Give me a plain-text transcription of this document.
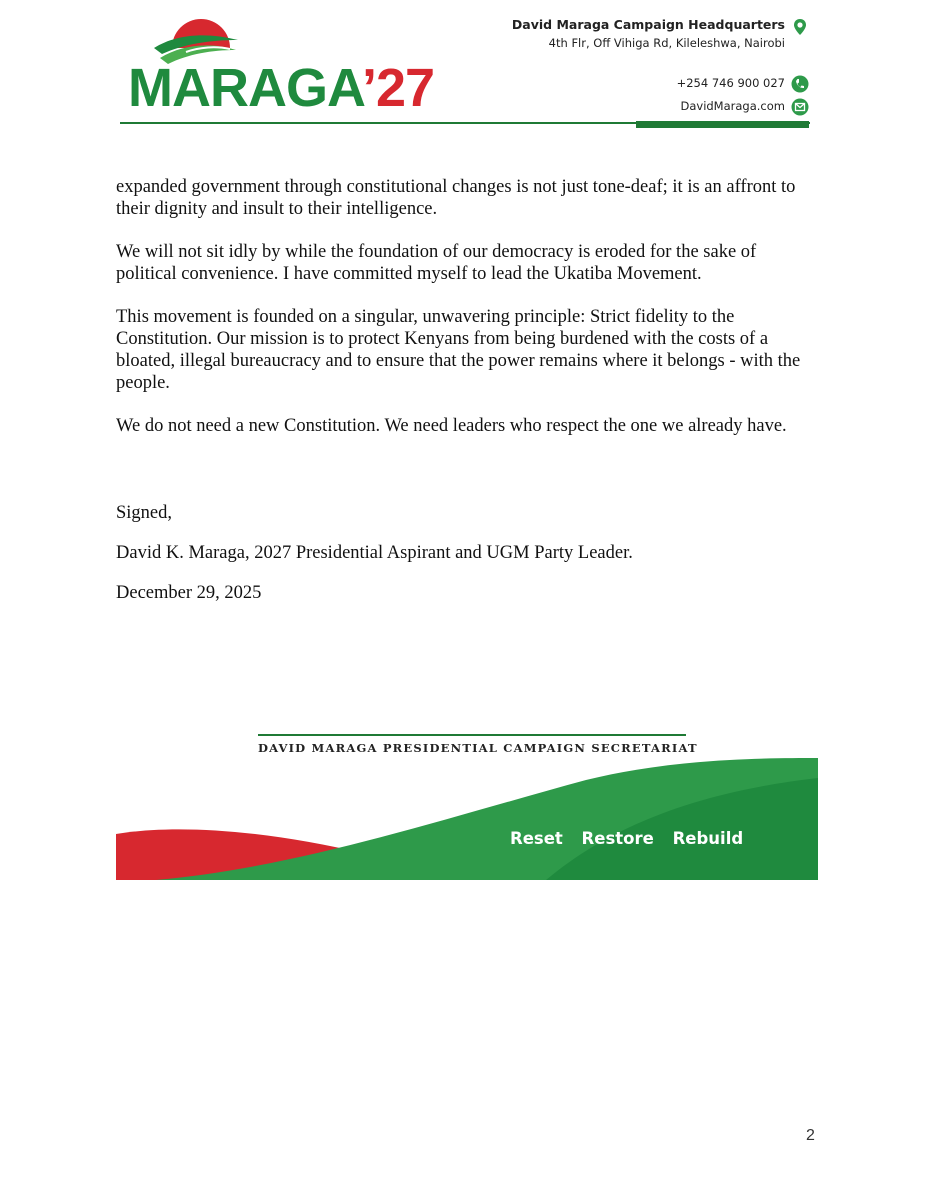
MARAGA’27
David Maraga Campaign Headquarters
4th Flr, Off Vihiga Rd, Kileleshwa, Nairobi
+254 746 900 027
DavidMaraga.com

expanded government through constitutional changes is not just tone-deaf; it is an affront to their dignity and insult to their intelligence.

We will not sit idly by while the foundation of our democracy is eroded for the sake of political convenience. I have committed myself to lead the Ukatiba Movement.

This movement is founded on a singular, unwavering principle: Strict fidelity to the Constitution. Our mission is to protect Kenyans from being burdened with the costs of a bloated, illegal bureaucracy and to ensure that the power remains where it belongs - with the people.

We do not need a new Constitution. We need leaders who respect the one we already have.

Signed,

David K. Maraga, 2027 Presidential Aspirant and UGM Party Leader.

December 29, 2025

DAVID MARAGA PRESIDENTIAL CAMPAIGN SECRETARIAT
Reset Restore Rebuild
2
